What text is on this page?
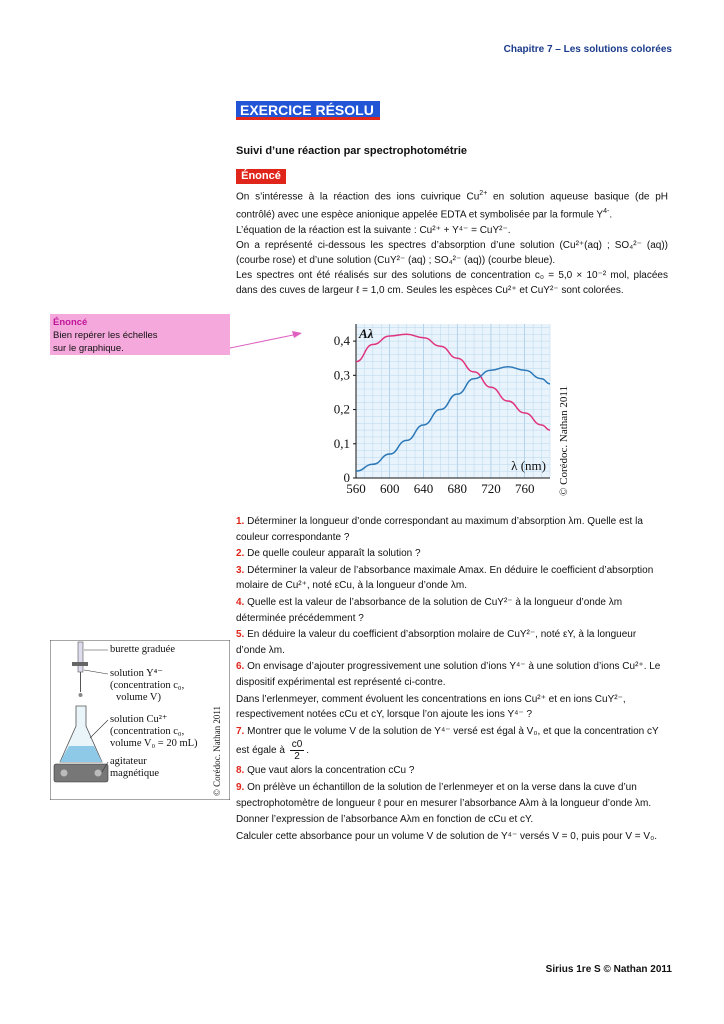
Chapitre 7 – Les solutions colorées
EXERCICE RÉSOLU 2
Suivi d’une réaction par spectrophotométrie
Énoncé

On s’intéresse à la réaction des ions cuivrique $Cu^{2+}$ en solution aqueuse basique (de pH contrôlé) avec une espèce anionique appelée EDTA et symbolisée par la formule $Y^{4-}$.

L’équation de la réaction est la suivante : Cu²⁺ + Y⁴⁻ = CuY²⁻.

On a représenté ci-dessous les spectres d’absorption d’une solution (Cu²⁺(aq) ; SO₄²⁻ (aq)) (courbe rose) et d’une solution (CuY²⁻ (aq) ; SO₄²⁻ (aq)) (courbe bleue).

Les spectres ont été réalisés sur des solutions de concentration c₀ = 5,0 × 10⁻² mol, placées dans des cuves de largeur ℓ = 1,0 cm. Seules les espèces Cu²⁺ et CuY²⁻ sont colorées.

Énoncé
Bien repérer les échelles
sur le graphique.
560 600 640 680 720 760
0
0,1
0,2
0,3
0,4 Aλ
λ (nm) © Corédoc. Nathan 2011

1. Déterminer la longueur d’onde correspondant au maximum d’absorption λm. Quelle est la couleur correspondante ?

2. De quelle couleur apparaît la solution ?

3. Déterminer la valeur de l’absorbance maximale Amax. En déduire le coefficient d’absorption molaire de Cu²⁺, noté εCu, à la longueur d’onde λm.

4. Quelle est la valeur de l’absorbance de la solution de CuY²⁻ à la longueur d’onde λm déterminée précédemment ?

5. En déduire la valeur du coefficient d’absorption molaire de CuY²⁻, noté εY, à la longueur d’onde λm.

6. On envisage d’ajouter progressivement une solution d’ions Y⁴⁻ à une solution d’ions Cu²⁺. Le dispositif expérimental est représenté ci-contre.

Dans l’erlenmeyer, comment évoluent les concentrations en ions Cu²⁺ et en ions CuY²⁻, respectivement notées cCu et cY, lorsque l’on ajoute les ions Y⁴⁻ ?

7. Montrer que le volume V de la solution de Y⁴⁻ versé est égal à V₀, et que la concentration cY est égale à $\frac{c0}{2}$ .

8. Que vaut alors la concentration cCu ?

9. On prélève un échantillon de la solution de l’erlenmeyer et on la verse dans la cuve d’un spectrophotomètre de longueur ℓ pour en mesurer l’absorbance Aλm à la longueur d’onde λm.

Donner l’expression de l’absorbance Aλm en fonction de cCu et cY.

Calculer cette absorbance pour un volume V de solution de Y⁴⁻ versés V = 0, puis pour V = V₀.

burette graduée
solution Y⁴⁻
(concentration c₀,
volume V)
solution Cu²⁺
(concentration c₀,
volume V₀ = 20 mL)
agitateur
magnétique	© Corédoc. Nathan 2011
Sirius 1re S © Nathan 2011
